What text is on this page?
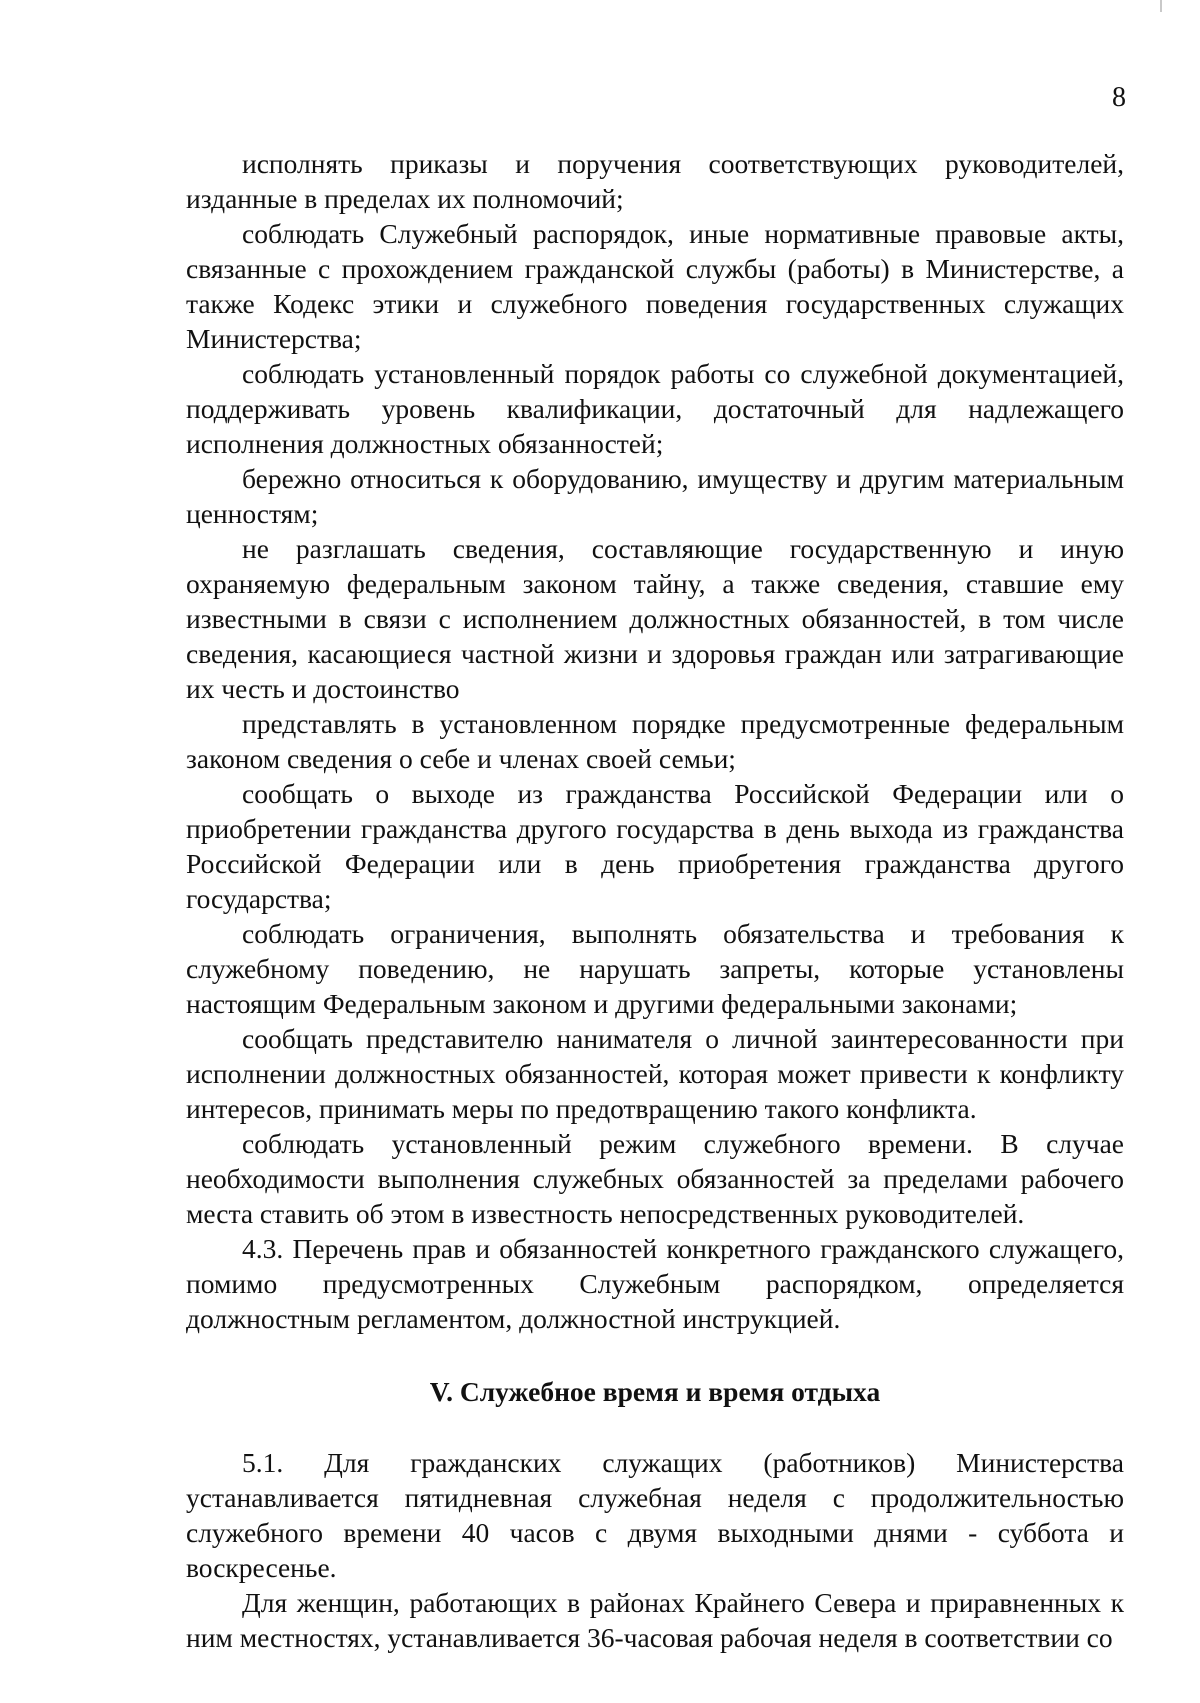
8

исполнять приказы и поручения соответствующих руководителей, изданные в пределах их полномочий;

соблюдать Служебный распорядок, иные нормативные правовые акты, связанные с прохождением гражданской службы (работы) в Министерстве, а также Кодекс этики и служебного поведения государственных служащих Министерства;

соблюдать установленный порядок работы со служебной документацией, поддерживать уровень квалификации, достаточный для надлежащего исполнения должностных обязанностей;

бережно относиться к оборудованию, имуществу и другим материальным ценностям;

не разглашать сведения, составляющие государственную и иную охраняемую федеральным законом тайну, а также сведения, ставшие ему известными в связи с исполнением должностных обязанностей, в том числе сведения, касающиеся частной жизни и здоровья граждан или затрагивающие их честь и достоинство

представлять в установленном порядке предусмотренные федеральным законом сведения о себе и членах своей семьи;

сообщать о выходе из гражданства Российской Федерации или о приобретении гражданства другого государства в день выхода из гражданства Российской Федерации или в день приобретения гражданства другого государства;

соблюдать ограничения, выполнять обязательства и требования к служебному поведению, не нарушать запреты, которые установлены настоящим Федеральным законом и другими федеральными законами;

сообщать представителю нанимателя о личной заинтересованности при исполнении должностных обязанностей, которая может привести к конфликту интересов, принимать меры по предотвращению такого конфликта.

соблюдать установленный режим служебного времени. В случае необходимости выполнения служебных обязанностей за пределами рабочего места ставить об этом в известность непосредственных руководителей.

4.3. Перечень прав и обязанностей конкретного гражданского служащего, помимо предусмотренных Служебным распорядком, определяется должностным регламентом, должностной инструкцией.

V. Служебное время и время отдыха

5.1. Для гражданских служащих (работников) Министерства устанавливается пятидневная служебная неделя с продолжительностью служебного времени 40 часов с двумя выходными днями - суббота и воскресенье.

Для женщин, работающих в районах Крайнего Севера и приравненных к ним местностях, устанавливается 36-часовая рабочая неделя в соответствии со
